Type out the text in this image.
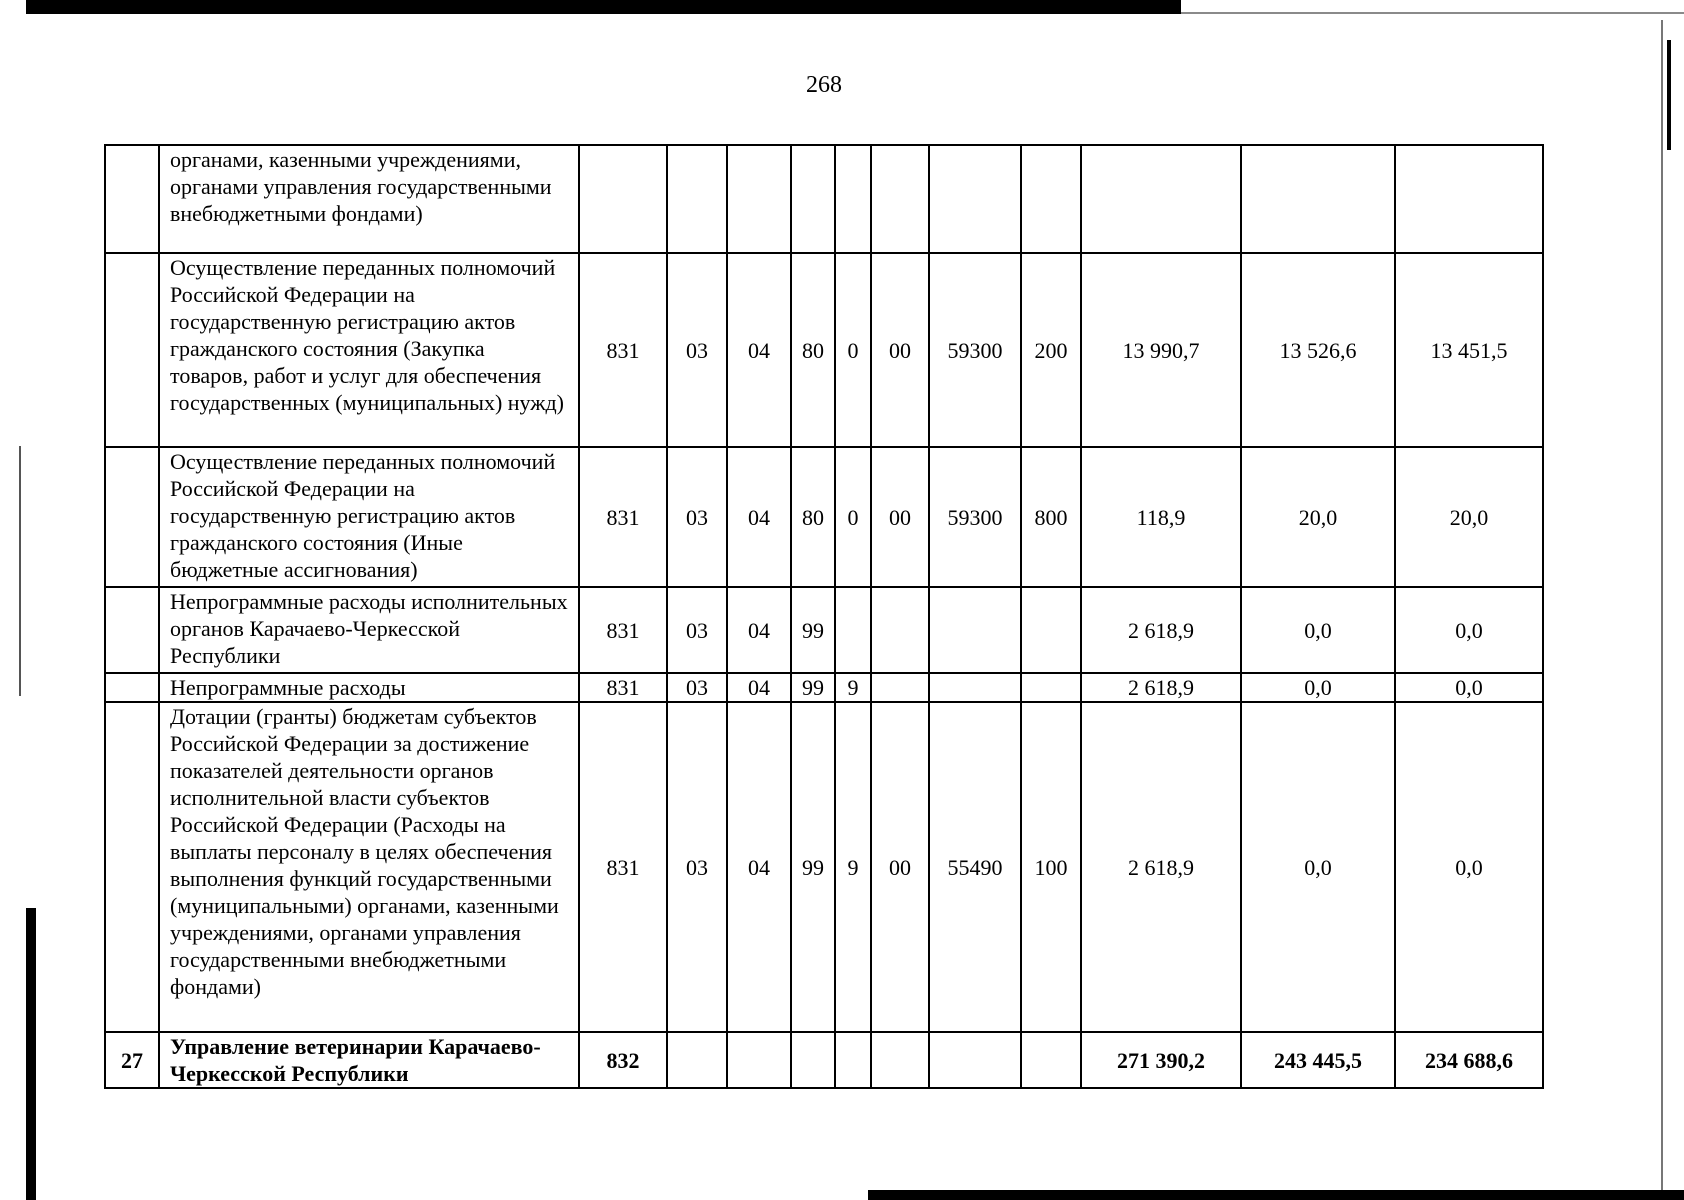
268
	органами, казенными учреждениями, органами управления государственными внебюджетными фондами)											
	Осуществление переданных полномочий Российской Федерации на государственную регистрацию актов гражданского состояния (Закупка товаров, работ и услуг для обеспечения государственных (муниципальных) нужд)	831	03	04	80	0	00	59300	200	13 990,7	13 526,6	13 451,5
	Осуществление переданных полномочий Российской Федерации на государственную регистрацию актов гражданского состояния (Иные бюджетные ассигнования)	831	03	04	80	0	00	59300	800	118,9	20,0	20,0
	Непрограммные расходы исполнительных органов Карачаево-Черкесской Республики	831	03	04	99					2 618,9	0,0	0,0
	Непрограммные расходы	831	03	04	99	9				2 618,9	0,0	0,0
	Дотации (гранты) бюджетам субъектов Российской Федерации за достижение показателей деятельности органов исполнительной власти субъектов Российской Федерации (Расходы на выплаты персоналу в целях обеспечения выполнения функций государственными (муниципальными) органами, казенными учреждениями, органами управления государственными внебюджетными фондами)	831	03	04	99	9	00	55490	100	2 618,9	0,0	0,0
27	Управление ветеринарии Карачаево-Черкесской Республики	832								271 390,2	243 445,5	234 688,6
